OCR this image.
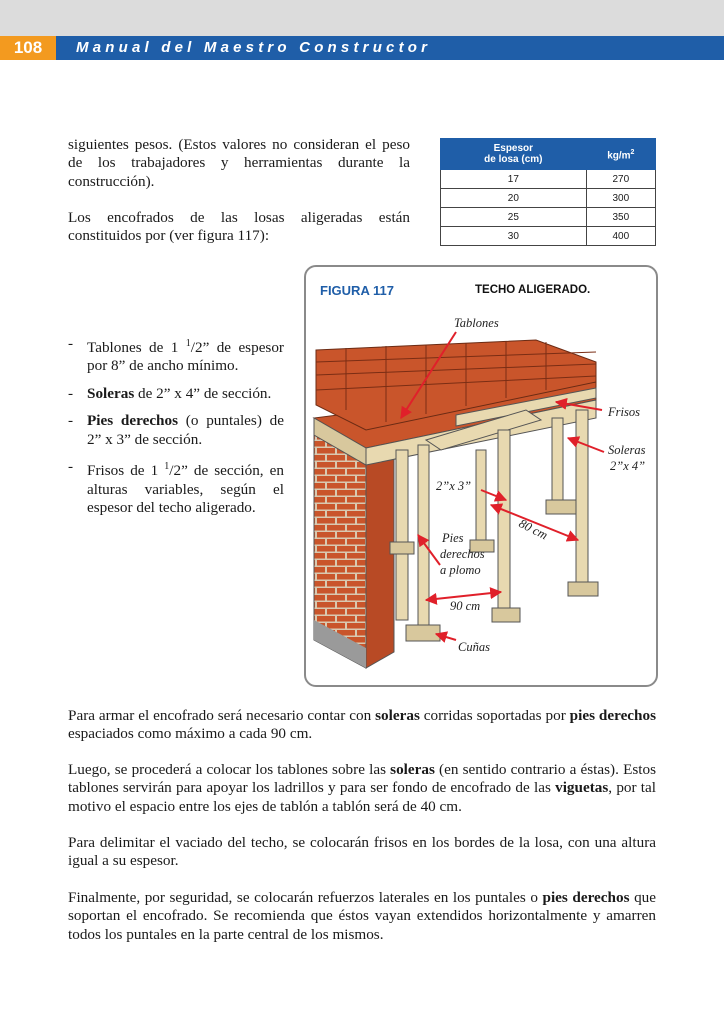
108	Manual del Maestro Constructor

siguientes pesos. (Estos valores no consideran el peso de los trabajadores y herramientas durante la construcción).

Los encofrados de las losas aligeradas están constituidos por (ver figura 117):

Espesor
de losa (cm)	$kg/m^2$
17	270
20	300
25	350
30	400
- Tablones de 1 $^1$/2” de espesor por 8” de ancho mínimo.
- Soleras de 2” x 4” de sección.
- Pies derechos (o puntales) de 2” x 3” de sección.
- Frisos de 1 $^1$/2” de sección, en alturas variables, según el espesor del techo aligerado.
FIGURA 117	TECHO ALIGERADO.
Tablones
Frisos
Soleras
2”x 4”
2”x 3”
80 cm
Pies
derechos
a plomo
90 cm
Cuñas

Para armar el encofrado será necesario contar con soleras corridas soportadas por pies derechos espaciados como máximo a cada 90 cm.

Luego, se procederá a colocar los tablones sobre las soleras (en sentido contrario a éstas). Estos tablones servirán para apoyar los ladrillos y para ser fondo de encofrado de las viguetas, por tal motivo el espacio entre los ejes de tablón a tablón será de 40 cm.

Para delimitar el vaciado del techo, se colocarán frisos en los bordes de la losa, con una altura igual a su espesor.

Finalmente, por seguridad, se colocarán refuerzos laterales en los puntales o pies derechos que soportan el encofrado. Se recomienda que éstos vayan extendidos horizontalmente y amarren todos los puntales en la parte central de los mismos.
